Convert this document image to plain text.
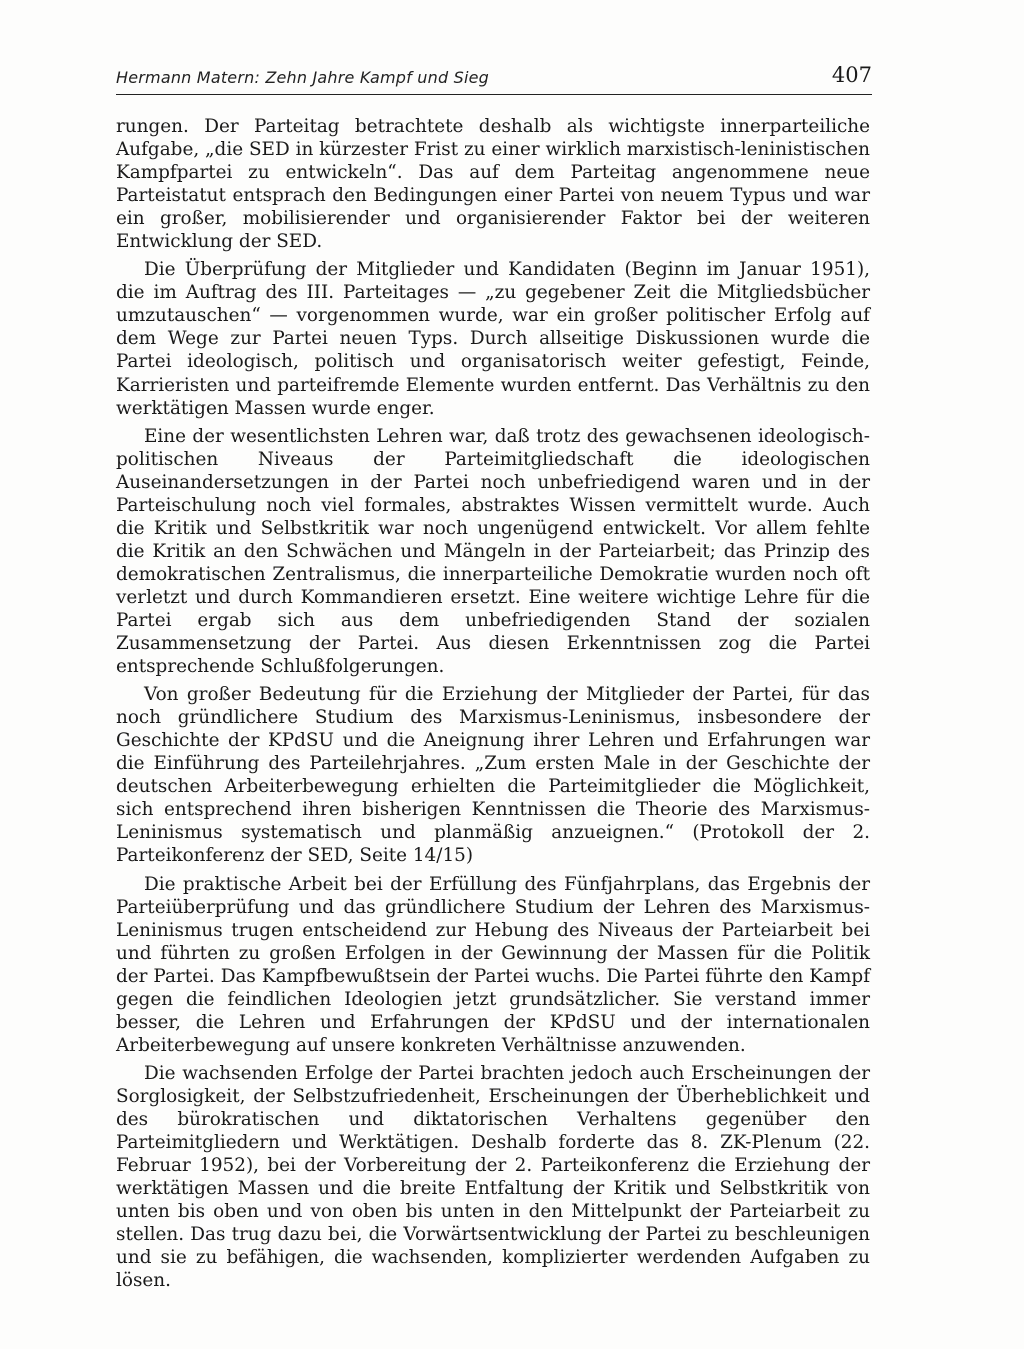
Hermann Matern: Zehn Jahre Kampf und Sieg	407

rungen. Der Parteitag betrachtete deshalb als wichtigste innerparteiliche Aufgabe, „die SED in kürzester Frist zu einer wirklich marxistisch-leninistischen Kampfpartei zu entwickeln“. Das auf dem Parteitag angenommene neue Parteistatut entsprach den Bedingungen einer Partei von neuem Typus und war ein großer, mobilisierender und organisierender Faktor bei der weiteren Entwicklung der SED.

Die Überprüfung der Mitglieder und Kandidaten (Beginn im Januar 1951), die im Auftrag des III. Parteitages — „zu gegebener Zeit die Mitgliedsbücher umzutauschen“ — vorgenommen wurde, war ein großer politischer Erfolg auf dem Wege zur Partei neuen Typs. Durch allseitige Diskussionen wurde die Partei ideologisch, politisch und organisatorisch weiter gefestigt, Feinde, Karrieristen und parteifremde Elemente wurden entfernt. Das Verhältnis zu den werktätigen Massen wurde enger.

Eine der wesentlichsten Lehren war, daß trotz des gewachsenen ideologisch-politischen Niveaus der Parteimitgliedschaft die ideologischen Auseinandersetzungen in der Partei noch unbefriedigend waren und in der Parteischulung noch viel formales, abstraktes Wissen vermittelt wurde. Auch die Kritik und Selbstkritik war noch ungenügend entwickelt. Vor allem fehlte die Kritik an den Schwächen und Mängeln in der Parteiarbeit; das Prinzip des demokratischen Zentralismus, die innerparteiliche Demokratie wurden noch oft verletzt und durch Kommandieren ersetzt. Eine weitere wichtige Lehre für die Partei ergab sich aus dem unbefriedigenden Stand der sozialen Zusammensetzung der Partei. Aus diesen Erkenntnissen zog die Partei entsprechende Schlußfolgerungen.

Von großer Bedeutung für die Erziehung der Mitglieder der Partei, für das noch gründlichere Studium des Marxismus-Leninismus, insbesondere der Geschichte der KPdSU und die Aneignung ihrer Lehren und Erfahrungen war die Einführung des Parteilehrjahres. „Zum ersten Male in der Geschichte der deutschen Arbeiterbewegung erhielten die Parteimitglieder die Möglichkeit, sich entsprechend ihren bisherigen Kenntnissen die Theorie des Marxismus-Leninismus systematisch und planmäßig anzueignen.“ (Protokoll der 2. Parteikonferenz der SED, Seite 14/15)

Die praktische Arbeit bei der Erfüllung des Fünfjahrplans, das Ergebnis der Parteiüberprüfung und das gründlichere Studium der Lehren des Marxismus-Leninismus trugen entscheidend zur Hebung des Niveaus der Parteiarbeit bei und führten zu großen Erfolgen in der Gewinnung der Massen für die Politik der Partei. Das Kampfbewußtsein der Partei wuchs. Die Partei führte den Kampf gegen die feindlichen Ideologien jetzt grundsätzlicher. Sie verstand immer besser, die Lehren und Erfahrungen der KPdSU und der internationalen Arbeiterbewegung auf unsere konkreten Verhältnisse anzuwenden.

Die wachsenden Erfolge der Partei brachten jedoch auch Erscheinungen der Sorglosigkeit, der Selbstzufriedenheit, Erscheinungen der Überheblichkeit und des bürokratischen und diktatorischen Verhaltens gegenüber den Parteimitgliedern und Werktätigen. Deshalb forderte das 8. ZK-Plenum (22. Februar 1952), bei der Vorbereitung der 2. Parteikonferenz die Erziehung der werktätigen Massen und die breite Entfaltung der Kritik und Selbstkritik von unten bis oben und von oben bis unten in den Mittelpunkt der Parteiarbeit zu stellen. Das trug dazu bei, die Vorwärtsentwicklung der Partei zu beschleunigen und sie zu befähigen, die wachsenden, komplizierter werdenden Aufgaben zu lösen.
